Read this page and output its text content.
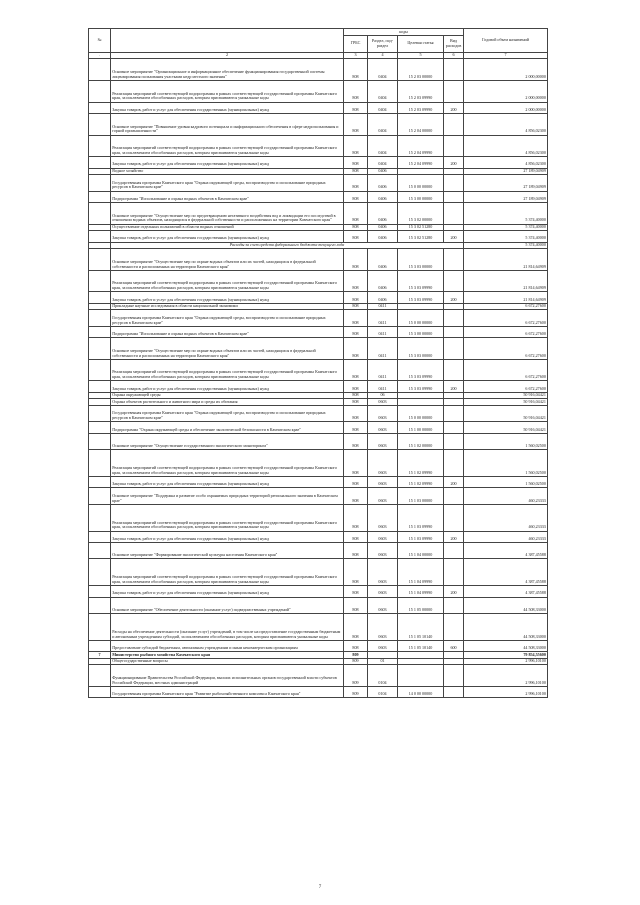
№		коды				Годовой объем назначений
		ГРБС	Раздел, под-раздел	Целевая статья	Вид расходов	
.	2	3	4	5	6	7
	Основное мероприятие "Организационное и информационное обеспечение функционирования государственной системы лицензирования пользования участками недр местного значения"	808	0404	15 2 03 00000		2 000,00000
	Реализация мероприятий соответствующей подпрограммы в рамках соответствующей государственной программы Камчатского края, за исключением обособленных расходов, которым присваиваются уникальные коды	808	0404	15 2 03 09990		2 000,00000
	Закупка товаров, работ и услуг для обеспечения государственных (муниципальных) нужд	808	0404	15 2 03 09990	200	2 000,00000
	Основное мероприятие "Повышение уровня кадрового потенциала и информационного обеспечения в сфере недропользования и горной промышленности"	808	0404	15 2 04 00000		4 856,02300
	Реализация мероприятий соответствующей подпрограммы в рамках соответствующей государственной программы Камчатского края, за исключением обособленных расходов, которым присваиваются уникальные коды	808	0404	15 2 04 09990		4 856,02300
	Закупка товаров, работ и услуг для обеспечения государственных (муниципальных) нужд	808	0404	15 2 04 09990	200	4 856,02300
	Водное хозяйство	808	0406			27 189,04909
	Государственная программа Камчатского края "Охрана окружающей среды, воспроизводство и использование природных ресурсов в Камчатском крае"	808	0406	15 0 00 00000		27 189,04909
	Подпрограмма "Использование и охрана водных объектов в Камчатском крае"	808	0406	15 3 00 00000		27 189,04909
	Основное мероприятие "Осуществление мер по предотвращению негативного воздействия вод и ликвидации его последствий в отношении водных объектов, находящихся в федеральной собственности и расположенных на территории Камчатского края"	808	0406	15 3 02 00000		5 374,40000
	Осуществление отдельных полномочий в области водных отношений	808	0406	15 3 02 51280		5 374,40000
	Закупка товаров, работ и услуг для обеспечения государственных (муниципальных) нужд	808	0406	15 3 02 51280	200	5 374,40000
	Расходы за счет средств федерального бюджета текущего года					5 374,40000
	Основное мероприятие "Осуществление мер по охране водных объектов или их частей, находящихся в федеральной собственности и расположенных на территории Камчатского края"	808	0406	15 3 03 00000		21 814,64909
	Реализация мероприятий соответствующей подпрограммы в рамках соответствующей государственной программы Камчатского края, за исключением обособленных расходов, которым присваиваются уникальные коды	808	0406	15 3 03 09990		21 814,64909
	Закупка товаров, работ и услуг для обеспечения государственных (муниципальных) нужд	808	0406	15 3 03 09990	200	21 814,64909
	Прикладные научные исследования в области национальной экономики	808	0411			6 672,27600
	Государственная программа Камчатского края "Охрана окружающей среды, воспроизводство и использование природных ресурсов в Камчатском крае"	808	0411	15 0 00 00000		6 672,27600
	Подпрограмма "Использование и охрана водных объектов в Камчатском крае"	808	0411	15 3 00 00000		6 672,27600
	Основное мероприятие "Осуществление мер по охране водных объектов или их частей, находящихся в федеральной собственности и расположенных на территории Камчатского края"	808	0411	15 3 03 00000		6 672,27600
	Реализация мероприятий соответствующей подпрограммы в рамках соответствующей государственной программы Камчатского края, за исключением обособленных расходов, которым присваиваются уникальные коды	808	0411	15 3 03 09990		6 672,27600
	Закупка товаров, работ и услуг для обеспечения государственных (муниципальных) нужд	808	0411	15 3 03 09990	200	6 672,27600
	Охрана окружающей среды	808	06			50 916,04421
	Охрана объектов растительного и животного мира и среды их обитания	808	0603			50 916,04421
	Государственная программа Камчатского края "Охрана окружающей среды, воспроизводство и использование природных ресурсов в Камчатском крае"	808	0603	15 0 00 00000		50 916,04421
	Подпрограмма "Охрана окружающей среды и обеспечение экологической безопасности в Камчатском крае"	808	0603	15 1 00 00000		50 916,04421
	Основное мероприятие "Осуществление государственного экологического мониторинга"	808	0603	15 1 02 00000		1 560,02500
	Реализация мероприятий соответствующей подпрограммы в рамках соответствующей государственной программы Камчатского края, за исключением обособленных расходов, которым присваиваются уникальные коды	808	0603	15 1 02 09990		1 560,02500
	Закупка товаров, работ и услуг для обеспечения государственных (муниципальных) нужд	808	0603	15 1 02 09990	200	1 560,02500
	Основное мероприятие "Поддержка и развитие особо охраняемых природных территорий регионального значения в Камчатском крае"	808	0603	15 1 03 00000		460,23333
	Реализация мероприятий соответствующей подпрограммы в рамках соответствующей государственной программы Камчатского края, за исключением обособленных расходов, которым присваиваются уникальные коды	808	0603	15 1 03 09990		460,23333
	Закупка товаров, работ и услуг для обеспечения государственных (муниципальных) нужд	808	0603	15 1 03 09990	200	460,23333
	Основное мероприятие "Формирование экологической культуры населения Камчатского края"	808	0603	15 1 04 00000		4 387,45588
	Реализация мероприятий соответствующей подпрограммы в рамках соответствующей государственной программы Камчатского края, за исключением обособленных расходов, которым присваиваются уникальные коды	808	0603	15 1 04 09990		4 387,45588
	Закупка товаров, работ и услуг для обеспечения государственных (муниципальных) нужд	808	0603	15 1 04 09990	200	4 387,45588
	Основное мероприятие "Обеспечение деятельности (оказание услуг) подведомственных учреждений"	808	0603	15 1 05 00000		44 508,33000
	Расходы на обеспечение деятельности (оказание услуг) учреждений, в том числе на предоставление государственным бюджетным и автономным учреждениям субсидий, за исключением обособленных расходов, которым присваиваются уникальные коды	808	0603	15 1 05 10140		44 508,33000
	Предоставление субсидий бюджетным, автономным учреждениям и иным некоммерческим организациям	808	0603	15 1 05 10140	600	44 508,33000
7	Министерство рыбного хозяйства Камчатского края	809				79 854,55600
	Общегосударственные вопросы	809	01			2 996,10100
	Функционирование Правительства Российской Федерации, высших исполнительных органов государственной власти субъектов Российской Федерации, местных администраций	809	0104			2 996,10100
	Государственная программа Камчатского края "Развитие рыбохозяйственного комплекса Камчатского края"	809	0104	14 0 00 00000		2 996,10100
7
